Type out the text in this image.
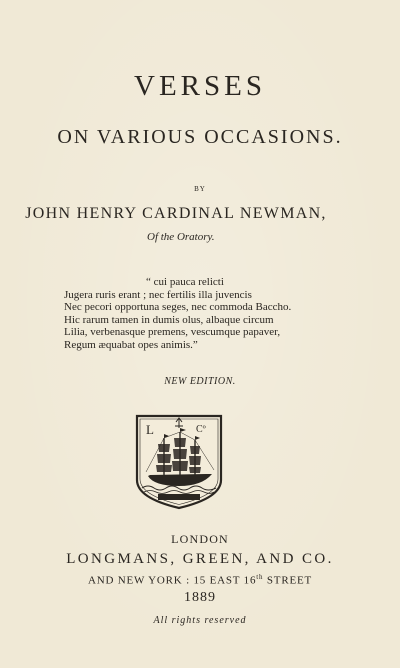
VERSES
ON VARIOUS OCCASIONS.
BY
JOHN HENRY CARDINAL NEWMAN,
Of the Oratory.
“ cui pauca relicti
Jugera ruris erant ; nec fertilis illa juvencis
Nec pecori opportuna seges, nec commoda Baccho.
Hic rarum tamen in dumis olus, albaque circum
Lilia, verbenasque premens, vescumque papaver,
Regum æquabat opes animis.”
NEW EDITION.
L	Cº
LONDON
LONGMANS, GREEN, AND CO.
AND NEW YORK : 15 EAST 16th STREET
1889
All rights reserved
